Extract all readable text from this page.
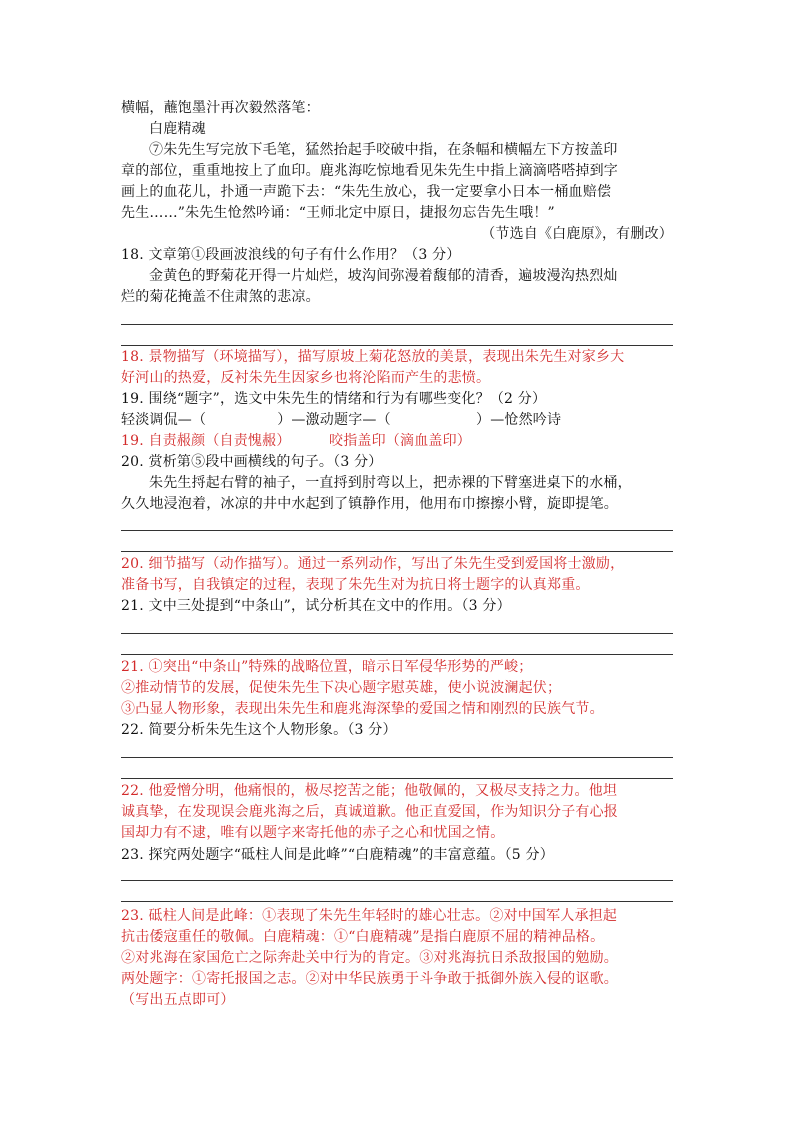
横幅，蘸饱墨汁再次毅然落笔：
白鹿精魂
⑦朱先生写完放下毛笔，猛然抬起手咬破中指，在条幅和横幅左下方按盖印
章的部位，重重地按上了血印。鹿兆海吃惊地看见朱先生中指上滴滴嗒嗒掉到字
画上的血花儿，扑通一声跪下去：“朱先生放心，我一定要拿小日本一桶血赔偿
先生……”朱先生怆然吟诵：“王师北定中原日，捷报勿忘告先生哦！”
（节选自《白鹿原》，有删改）
18. 文章第①段画波浪线的句子有什么作用？（3 分）
金黄色的野菊花开得一片灿烂，坡沟间弥漫着馥郁的清香，遍坡漫沟热烈灿
烂的菊花掩盖不住肃煞的悲凉。
18. 景物描写（环境描写），描写原坡上菊花怒放的美景，表现出朱先生对家乡大
好河山的热爱，反衬朱先生因家乡也将沦陷而产生的悲愤。
19. 围绕“题字”，选文中朱先生的情绪和行为有哪些变化？（2 分）
轻淡调侃—（　　　　　）—激动题字—（　　　　　　）—怆然吟诗
19. 自责赧颜（自责愧赧）	咬指盖印（滴血盖印）
20. 赏析第⑤段中画横线的句子。（3 分）
朱先生捋起右臂的袖子，一直捋到肘弯以上，把赤裸的下臂塞进桌下的水桶，
久久地浸泡着，冰凉的井中水起到了镇静作用，他用布巾擦擦小臂，旋即提笔。
20. 细节描写（动作描写）。通过一系列动作，写出了朱先生受到爱国将士激励，
准备书写，自我镇定的过程，表现了朱先生对为抗日将士题字的认真郑重。
21. 文中三处提到“中条山”，试分析其在文中的作用。（3 分）
21. ①突出“中条山”特殊的战略位置，暗示日军侵华形势的严峻；
②推动情节的发展，促使朱先生下决心题字慰英雄，使小说波澜起伏；
③凸显人物形象，表现出朱先生和鹿兆海深挚的爱国之情和刚烈的民族气节。
22. 简要分析朱先生这个人物形象。（3 分）
22. 他爱憎分明，他痛恨的，极尽挖苦之能；他敬佩的，又极尽支持之力。他坦
诚真挚，在发现误会鹿兆海之后，真诚道歉。他正直爱国，作为知识分子有心报
国却力有不逮，唯有以题字来寄托他的赤子之心和忧国之情。
23. 探究两处题字“砥柱人间是此峰”“白鹿精魂”的丰富意蕴。（5 分）
23. 砥柱人间是此峰：①表现了朱先生年轻时的雄心壮志。②对中国军人承担起
抗击倭寇重任的敬佩。白鹿精魂：①“白鹿精魂”是指白鹿原不屈的精神品格。
②对兆海在家国危亡之际奔赴关中行为的肯定。③对兆海抗日杀敌报国的勉励。
两处题字：①寄托报国之志。②对中华民族勇于斗争敢于抵御外族入侵的讴歌。
（写出五点即可）
